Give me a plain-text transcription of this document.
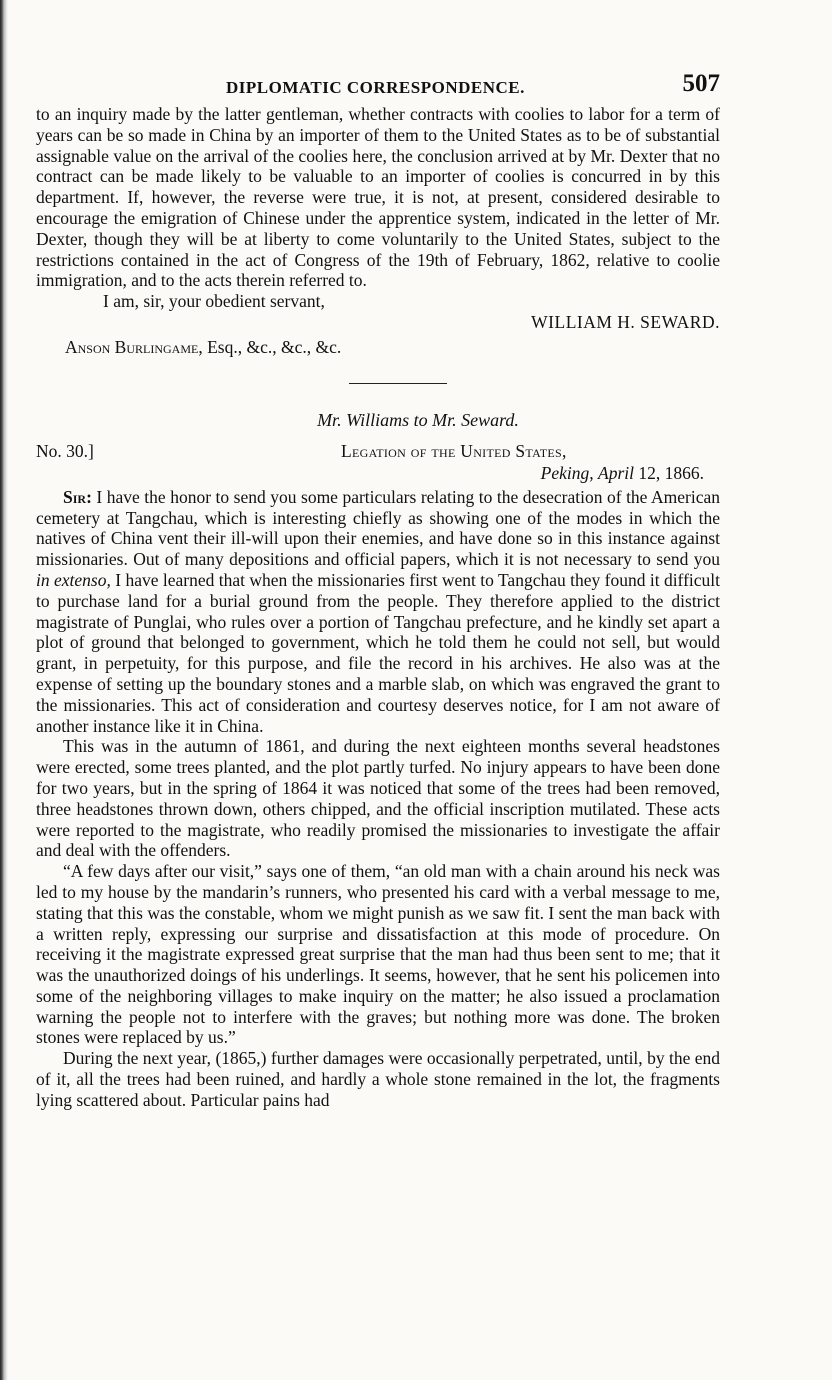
DIPLOMATIC CORRESPONDENCE.	507

to an inquiry made by the latter gentleman, whether contracts with coolies to labor for a term of years can be so made in China by an importer of them to the United States as to be of substantial assignable value on the arrival of the coolies here, the conclusion arrived at by Mr. Dexter that no contract can be made likely to be valuable to an importer of coolies is concurred in by this department. If, however, the reverse were true, it is not, at present, considered desirable to encourage the emigration of Chinese under the apprentice system, indicated in the letter of Mr. Dexter, though they will be at liberty to come voluntarily to the United States, subject to the restrictions contained in the act of Congress of the 19th of February, 1862, relative to coolie immigration, and to the acts therein referred to.

I am, sir, your obedient servant,
WILLIAM H. SEWARD.
Anson Burlingame, Esq., &c., &c., &c.
Mr. Williams to Mr. Seward.
No. 30.]	Legation of the United States,
Peking, April 12, 1866.

Sir: I have the honor to send you some particulars relating to the desecration of the American cemetery at Tangchau, which is interesting chiefly as showing one of the modes in which the natives of China vent their ill-will upon their enemies, and have done so in this instance against missionaries. Out of many depositions and official papers, which it is not necessary to send you in extenso, I have learned that when the missionaries first went to Tangchau they found it difficult to purchase land for a burial ground from the people. They therefore applied to the district magistrate of Punglai, who rules over a portion of Tangchau prefecture, and he kindly set apart a plot of ground that belonged to government, which he told them he could not sell, but would grant, in perpetuity, for this purpose, and file the record in his archives. He also was at the expense of setting up the boundary stones and a marble slab, on which was engraved the grant to the missionaries. This act of consideration and courtesy deserves notice, for I am not aware of another instance like it in China.

This was in the autumn of 1861, and during the next eighteen months several headstones were erected, some trees planted, and the plot partly turfed. No injury appears to have been done for two years, but in the spring of 1864 it was noticed that some of the trees had been removed, three headstones thrown down, others chipped, and the official inscription mutilated. These acts were reported to the magistrate, who readily promised the missionaries to investigate the affair and deal with the offenders.

“A few days after our visit,” says one of them, “an old man with a chain around his neck was led to my house by the mandarin’s runners, who presented his card with a verbal message to me, stating that this was the constable, whom we might punish as we saw fit. I sent the man back with a written reply, expressing our surprise and dissatisfaction at this mode of procedure. On receiving it the magistrate expressed great surprise that the man had thus been sent to me; that it was the unauthorized doings of his underlings. It seems, however, that he sent his policemen into some of the neighboring villages to make inquiry on the matter; he also issued a proclamation warning the people not to interfere with the graves; but nothing more was done. The broken stones were replaced by us.”

During the next year, (1865,) further damages were occasionally perpetrated, until, by the end of it, all the trees had been ruined, and hardly a whole stone remained in the lot, the fragments lying scattered about. Particular pains had
